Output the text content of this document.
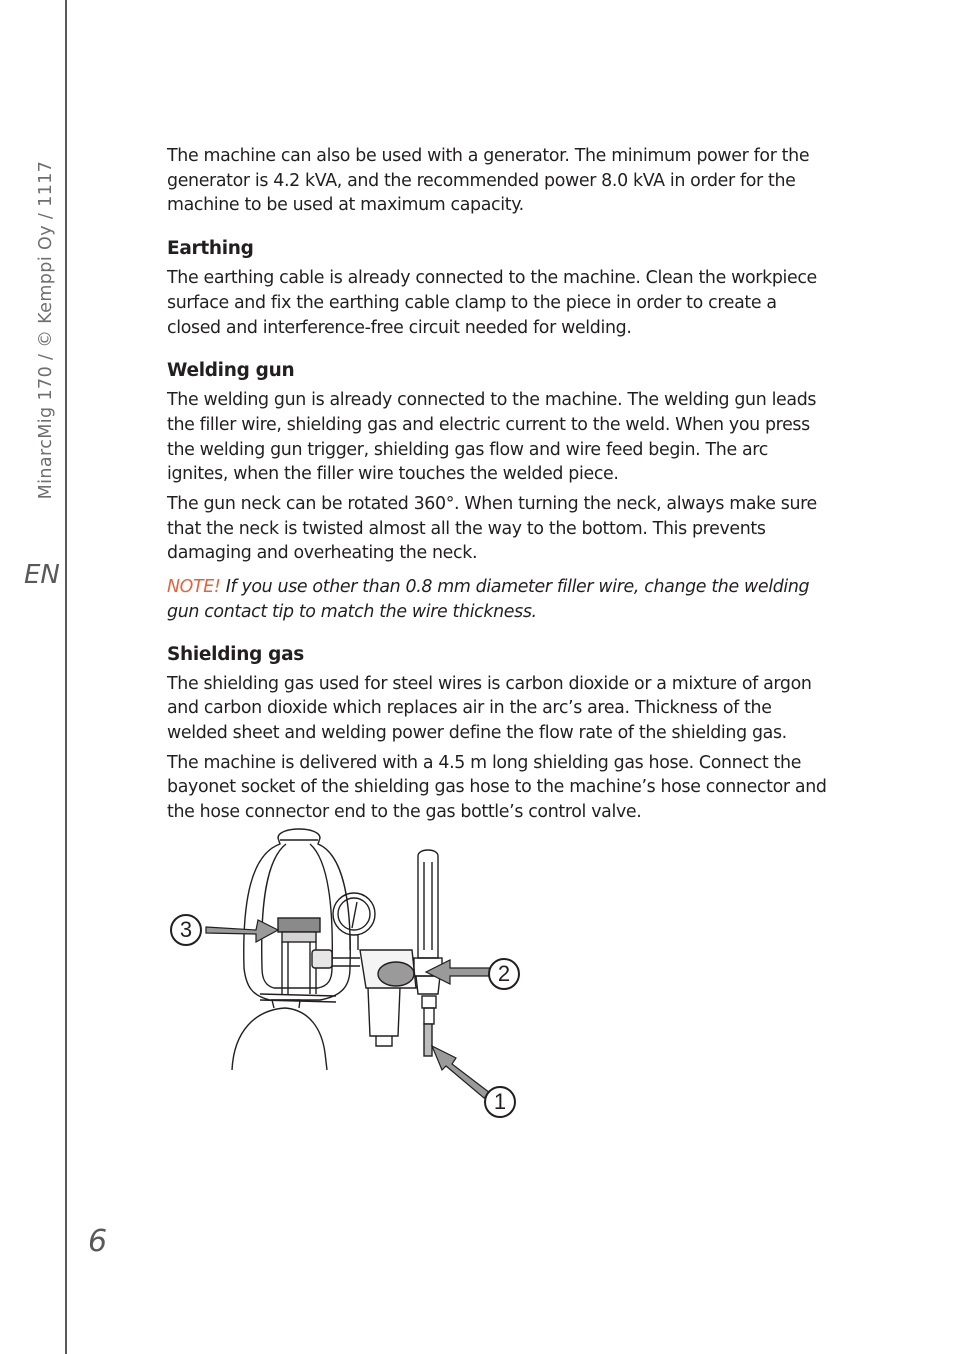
MinarcMig 170 / © Kemppi Oy / 1117
EN
6

The machine can also be used with a generator. The minimum power for the generator is 4.2 kVA, and the recommended power 8.0 kVA in order for the machine to be used at maximum capacity.

Earthing

The earthing cable is already connected to the machine. Clean the workpiece surface and fix the earthing cable clamp to the piece in order to create a closed and interference-free circuit needed for welding.

Welding gun

The welding gun is already connected to the machine. The welding gun leads the filler wire, shielding gas and electric current to the weld. When you press the welding gun trigger, shielding gas flow and wire feed begin. The arc ignites, when the filler wire touches the welded piece.

The gun neck can be rotated 360°. When turning the neck, always make sure that the neck is twisted almost all the way to the bottom. This prevents damaging and overheating the neck.

NOTE! If you use other than 0.8 mm diameter filler wire, change the welding gun contact tip to match the wire thickness.

Shielding gas

The shielding gas used for steel wires is carbon dioxide or a mixture of argon and carbon dioxide which replaces air in the arc’s area. Thickness of the welded sheet and welding power define the flow rate of the shielding gas.

The machine is delivered with a 4.5 m long shielding gas hose. Connect the bayonet socket of the shielding gas hose to the machine’s hose connector and the hose connector end to the gas bottle’s control valve.

1
2
3
